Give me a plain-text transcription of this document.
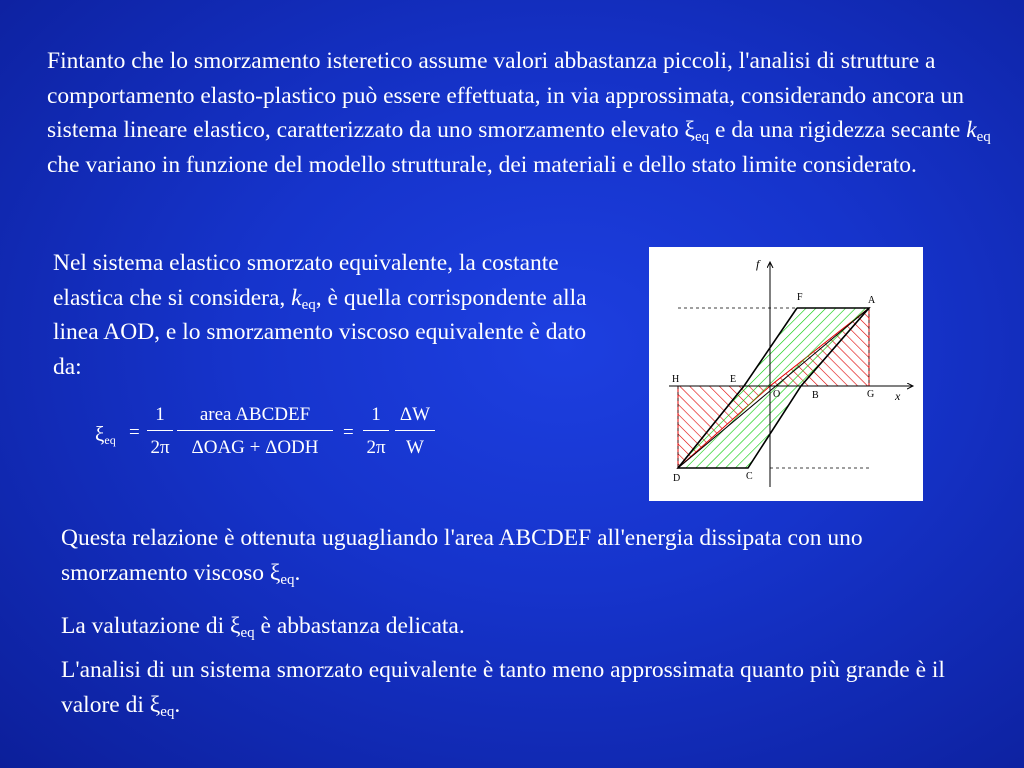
Fintanto che lo smorzamento isteretico assume valori abbastanza piccoli, l'analisi di strutture a comportamento elasto-plastico può essere effettuata, in via approssimata, considerando ancora un sistema lineare elastico, caratterizzato da uno smorzamento elevato $\xi_{eq}$ e da una rigidezza secante $k_{eq}$ che variano in funzione del modello strutturale, dei materiali e dello stato limite considerato.

Nel sistema elastico smorzato equivalente, la costante elastica che si considera, $k_{eq}$, è quella corrispondente alla linea AOD, e lo smorzamento viscoso equivalente è dato da:

$\xi_{eq}$ =
1
2π
area ABCDEF
ΔOAG + ΔODH
=
1
2π
ΔW
W
f
x
F	A
H	E
O	B	G
C
D

Questa relazione è ottenuta uguagliando l'area ABCDEF all'energia dissipata con uno smorzamento viscoso $\xi_{eq}$.

La valutazione di $\xi_{eq}$ è abbastanza delicata.

L'analisi di un sistema smorzato equivalente è tanto meno approssimata quanto più grande è il valore di $\xi_{eq}$.
